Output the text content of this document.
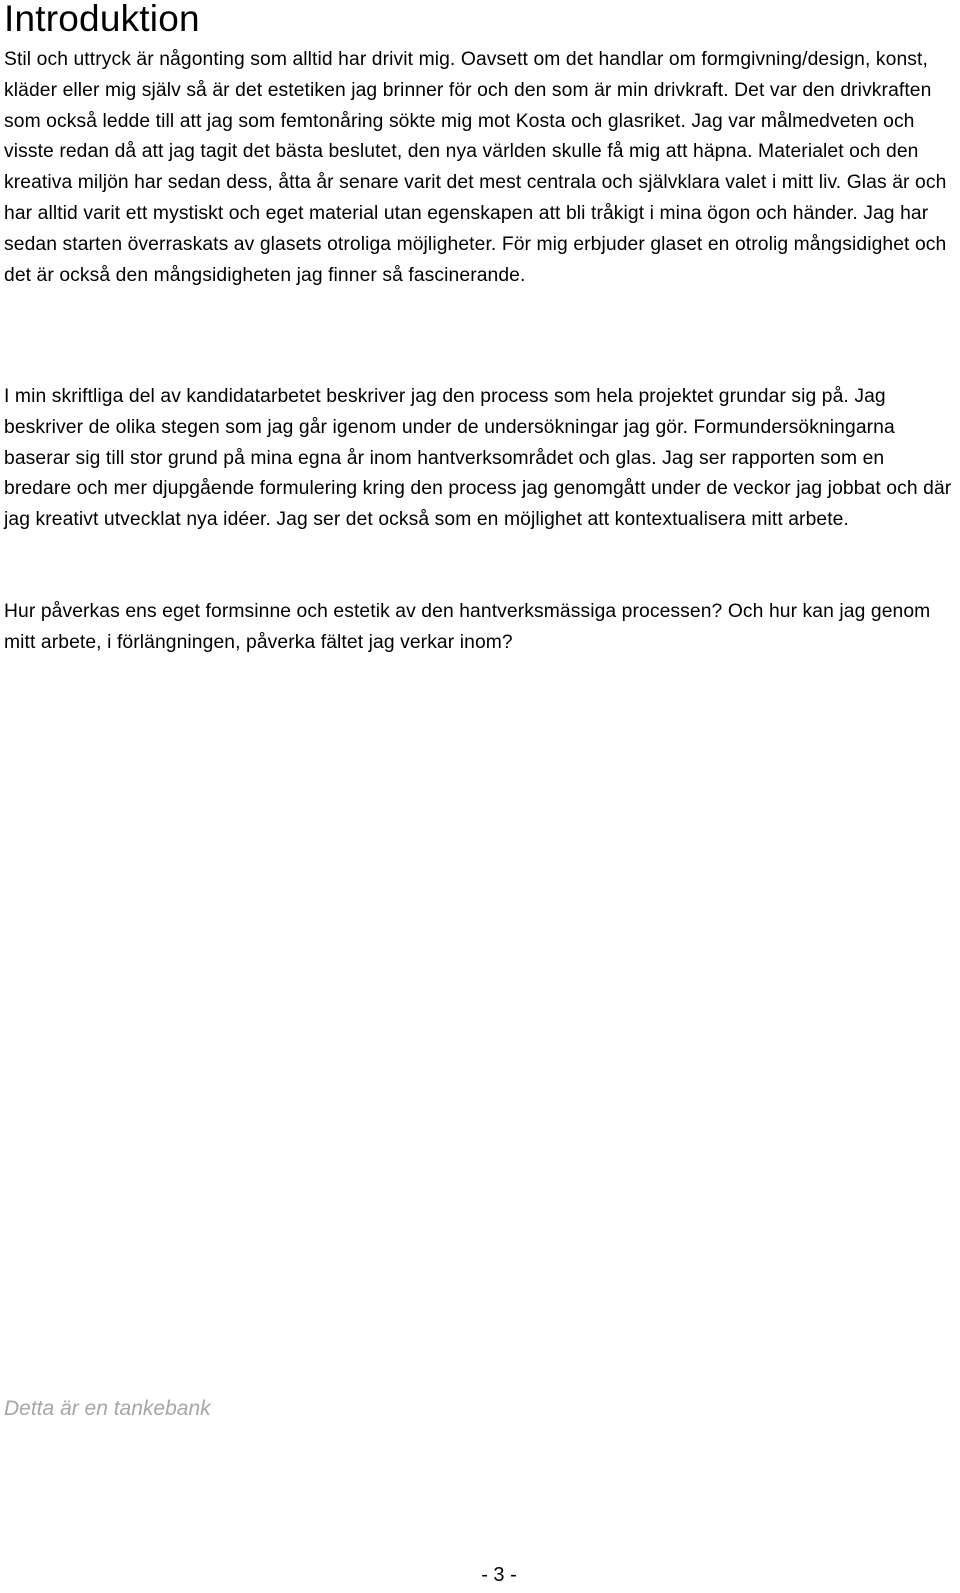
Introduktion

Stil och uttryck är någonting som alltid har drivit mig. Oavsett om det handlar om formgivning/design, konst, kläder eller mig själv så är det estetiken jag brinner för och den som är min drivkraft. Det var den drivkraften som också ledde till att jag som femtonåring sökte mig mot Kosta och glasriket. Jag var målmedveten och visste redan då att jag tagit det bästa beslutet, den nya världen skulle få mig att häpna. Materialet och den kreativa miljön har sedan dess, åtta år senare varit det mest centrala och självklara valet i mitt liv. Glas är och har alltid varit ett mystiskt och eget material utan egenskapen att bli tråkigt i mina ögon och händer. Jag har sedan starten överraskats av glasets otroliga möjligheter. För mig erbjuder glaset en otrolig mångsidighet och det är också den mångsidigheten jag finner så fascinerande.

I min skriftliga del av kandidatarbetet beskriver jag den process som hela projektet grundar sig på. Jag beskriver de olika stegen som jag går igenom under de undersökningar jag gör. Formundersökningarna baserar sig till stor grund på mina egna år inom hantverksområdet och glas. Jag ser rapporten som en bredare och mer djupgående formulering kring den process jag genomgått under de veckor jag jobbat och där jag kreativt utvecklat nya idéer. Jag ser det också som en möjlighet att kontextualisera mitt arbete.

Hur påverkas ens eget formsinne och estetik av den hantverksmässiga processen? Och hur kan jag genom mitt arbete, i förlängningen, påverka fältet jag verkar inom?

Detta är en tankebank

- 3 -
